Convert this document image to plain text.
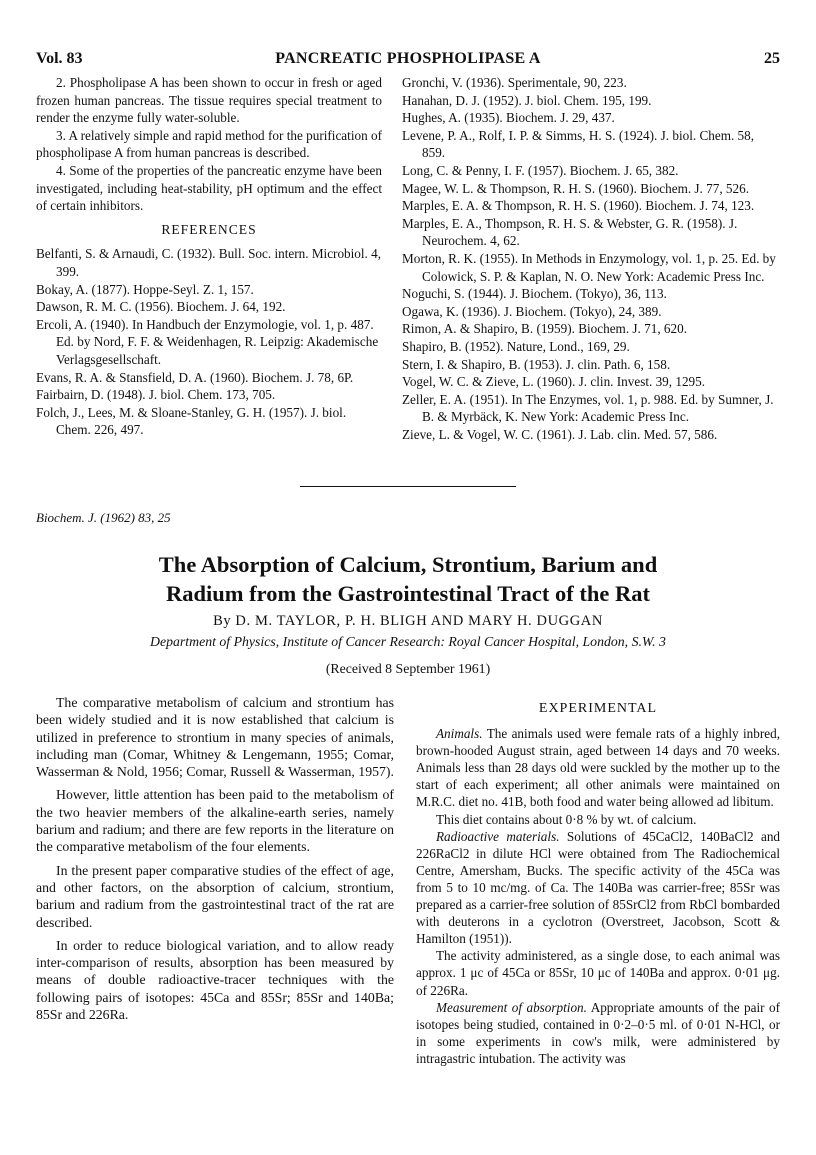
Vol. 83	PANCREATIC PHOSPHOLIPASE A	25

2. Phospholipase A has been shown to occur in fresh or aged frozen human pancreas. The tissue requires special treatment to render the enzyme fully water-soluble.

3. A relatively simple and rapid method for the purification of phospholipase A from human pancreas is described.

4. Some of the properties of the pancreatic enzyme have been investigated, including heat-stability, pH optimum and the effect of certain inhibitors.

REFERENCES

Belfanti, S. & Arnaudi, C. (1932). Bull. Soc. intern. Microbiol. 4, 399.

Bokay, A. (1877). Hoppe-Seyl. Z. 1, 157.

Dawson, R. M. C. (1956). Biochem. J. 64, 192.

Ercoli, A. (1940). In Handbuch der Enzymologie, vol. 1, p. 487. Ed. by Nord, F. F. & Weidenhagen, R. Leipzig: Akademische Verlagsgesellschaft.

Evans, R. A. & Stansfield, D. A. (1960). Biochem. J. 78, 6P.

Fairbairn, D. (1948). J. biol. Chem. 173, 705.

Folch, J., Lees, M. & Sloane-Stanley, G. H. (1957). J. biol. Chem. 226, 497.

Gronchi, V. (1936). Sperimentale, 90, 223.

Hanahan, D. J. (1952). J. biol. Chem. 195, 199.

Hughes, A. (1935). Biochem. J. 29, 437.

Levene, P. A., Rolf, I. P. & Simms, H. S. (1924). J. biol. Chem. 58, 859.

Long, C. & Penny, I. F. (1957). Biochem. J. 65, 382.

Magee, W. L. & Thompson, R. H. S. (1960). Biochem. J. 77, 526.

Marples, E. A. & Thompson, R. H. S. (1960). Biochem. J. 74, 123.

Marples, E. A., Thompson, R. H. S. & Webster, G. R. (1958). J. Neurochem. 4, 62.

Morton, R. K. (1955). In Methods in Enzymology, vol. 1, p. 25. Ed. by Colowick, S. P. & Kaplan, N. O. New York: Academic Press Inc.

Noguchi, S. (1944). J. Biochem. (Tokyo), 36, 113.

Ogawa, K. (1936). J. Biochem. (Tokyo), 24, 389.

Rimon, A. & Shapiro, B. (1959). Biochem. J. 71, 620.

Shapiro, B. (1952). Nature, Lond., 169, 29.

Stern, I. & Shapiro, B. (1953). J. clin. Path. 6, 158.

Vogel, W. C. & Zieve, L. (1960). J. clin. Invest. 39, 1295.

Zeller, E. A. (1951). In The Enzymes, vol. 1, p. 988. Ed. by Sumner, J. B. & Myrbäck, K. New York: Academic Press Inc.

Zieve, L. & Vogel, W. C. (1961). J. Lab. clin. Med. 57, 586.

Biochem. J. (1962) 83, 25
The Absorption of Calcium, Strontium, Barium and
Radium from the Gastrointestinal Tract of the Rat
By D. M. TAYLOR, P. H. BLIGH AND MARY H. DUGGAN
Department of Physics, Institute of Cancer Research: Royal Cancer Hospital, London, S.W. 3
(Received 8 September 1961)

The comparative metabolism of calcium and strontium has been widely studied and it is now established that calcium is utilized in preference to strontium in many species of animals, including man (Comar, Whitney & Lengemann, 1955; Comar, Wasserman & Nold, 1956; Comar, Russell & Wasserman, 1957).

However, little attention has been paid to the metabolism of the two heavier members of the alkaline-earth series, namely barium and radium; and there are few reports in the literature on the comparative metabolism of the four elements.

In the present paper comparative studies of the effect of age, and other factors, on the absorption of calcium, strontium, barium and radium from the gastrointestinal tract of the rat are described.

In order to reduce biological variation, and to allow ready inter-comparison of results, absorption has been measured by means of double radioactive-tracer techniques with the following pairs of isotopes: 45Ca and 85Sr; 85Sr and 140Ba; 85Sr and 226Ra.

EXPERIMENTAL

Animals. The animals used were female rats of a highly inbred, brown-hooded August strain, aged between 14 days and 70 weeks. Animals less than 28 days old were suckled by the mother up to the start of each experiment; all other animals were maintained on M.R.C. diet no. 41B, both food and water being allowed ad libitum.

This diet contains about 0·8 % by wt. of calcium.

Radioactive materials. Solutions of 45CaCl2, 140BaCl2 and 226RaCl2 in dilute HCl were obtained from The Radiochemical Centre, Amersham, Bucks. The specific activity of the 45Ca was from 5 to 10 mc/mg. of Ca. The 140Ba was carrier-free; 85Sr was prepared as a carrier-free solution of 85SrCl2 from RbCl bombarded with deuterons in a cyclotron (Overstreet, Jacobson, Scott & Hamilton (1951)).

The activity administered, as a single dose, to each animal was approx. 1 μc of 45Ca or 85Sr, 10 μc of 140Ba and approx. 0·01 μg. of 226Ra.

Measurement of absorption. Appropriate amounts of the pair of isotopes being studied, contained in 0·2–0·5 ml. of 0·01 N-HCl, or in some experiments in cow's milk, were administered by intragastric intubation. The activity was
